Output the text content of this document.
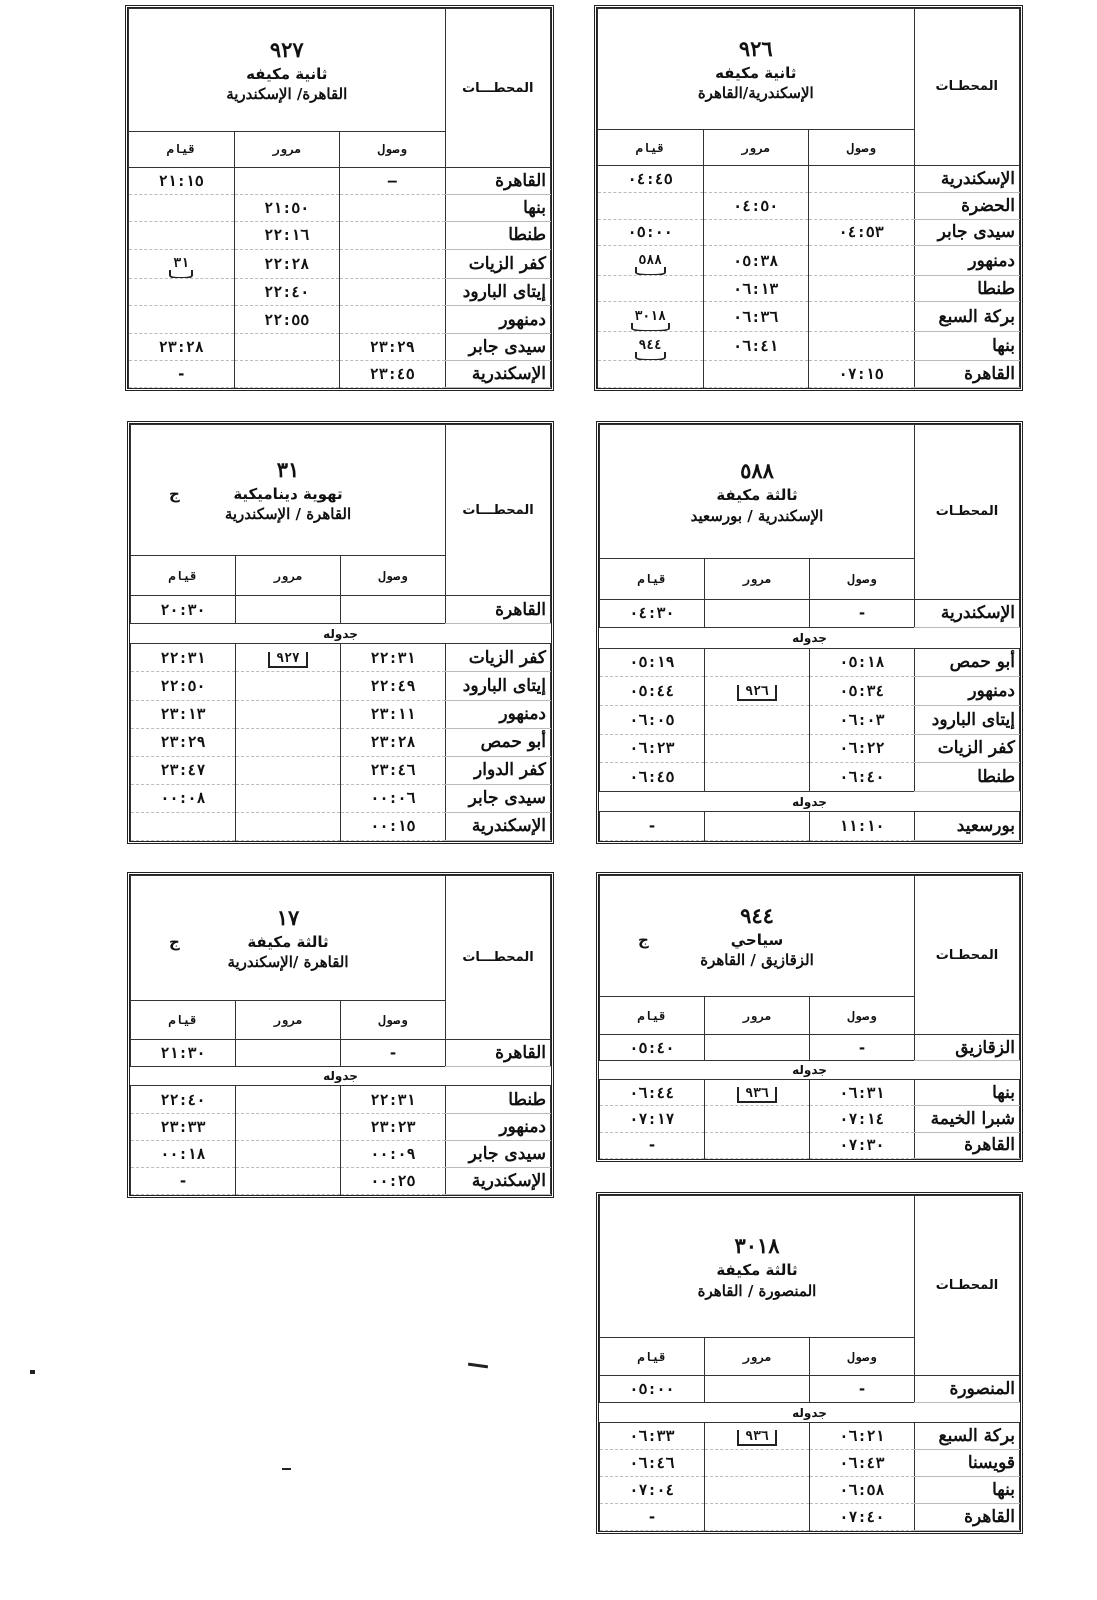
المحطـــات	٩٢٧
ثانية مكيفه
القاهرة/ الإسكندرية		

	وصول	مرور	قيام
القاهرة	–		٢١:١٥
بنها		٢١:٥٠	
طنطا		٢٢:١٦	
كفر الزيات		٢٢:٢٨	٣١
إيتاى البارود		٢٢:٤٠	
دمنهور		٢٢:٥٥	
سيدى جابر	٢٣:٢٩		٢٣:٢٨
الإسكندرية	٢٣:٤٥		-
المحطـات	٩٢٦
ثانية مكيفه
الإسكندرية/القاهرة		

	وصول	مرور	قيام
الإسكندرية			٠٤:٤٥
الحضرة		٠٤:٥٠	
سيدى جابر	٠٤:٥٣		٠٥:٠٠
دمنهور		٠٥:٣٨	٥٨٨
طنطا		٠٦:١٣	
بركة السبع		٠٦:٣٦	٣٠١٨
بنها		٠٦:٤١	٩٤٤
القاهرة	٠٧:١٥		
المحطـــات	٣١
تهوية ديناميكية
ج
القاهرة / الإسكندرية		

	وصول	مرور	قيام
القاهرة			٢٠:٣٠
جدوله			
كفر الزيات	٢٢:٣١	٩٢٧	٢٢:٣١
إيتاى البارود	٢٢:٤٩		٢٢:٥٠
دمنهور	٢٣:١١		٢٣:١٣
أبو حمص	٢٣:٢٨		٢٣:٢٩
كفر الدوار	٢٣:٤٦		٢٣:٤٧
سيدى جابر	٠٠:٠٦		٠٠:٠٨
الإسكندرية	٠٠:١٥		
المحطـات	٥٨٨
ثالثة مكيفة
الإسكندرية / بورسعيد		

	وصول	مرور	قيام
الإسكندرية	-		٠٤:٣٠
جدوله			
أبو حمص	٠٥:١٨		٠٥:١٩
دمنهور	٠٥:٣٤	٩٢٦	٠٥:٤٤
إيتاى البارود	٠٦:٠٣		٠٦:٠٥
كفر الزيات	٠٦:٢٢		٠٦:٢٣
طنطا	٠٦:٤٠		٠٦:٤٥
جدوله			
بورسعيد	١١:١٠		-
المحطـــات	١٧
ثالثة مكيفة
ج
القاهرة /الإسكندرية		

	وصول	مرور	قيام
القاهرة	-		٢١:٣٠
جدوله			
طنطا	٢٢:٣١		٢٢:٤٠
دمنهور	٢٣:٢٣		٢٣:٣٣
سيدى جابر	٠٠:٠٩		٠٠:١٨
الإسكندرية	٠٠:٢٥		-
المحطـات	٩٤٤
سياحي
ج
الزقازيق / القاهرة		

	وصول	مرور	قيام
الزقازيق	-		٠٥:٤٠
جدوله			
بنها	٠٦:٣١	٩٣٦	٠٦:٤٤
شبرا الخيمة	٠٧:١٤		٠٧:١٧
القاهرة	٠٧:٣٠		-
المحطـات	٣٠١٨
ثالثة مكيفة
المنصورة / القاهرة		

	وصول	مرور	قيام
المنصورة	-		٠٥:٠٠
جدوله			
بركة السبع	٠٦:٢١	٩٣٦	٠٦:٣٣
قويسنا	٠٦:٤٣		٠٦:٤٦
بنها	٠٦:٥٨		٠٧:٠٤
القاهرة	٠٧:٤٠		-
